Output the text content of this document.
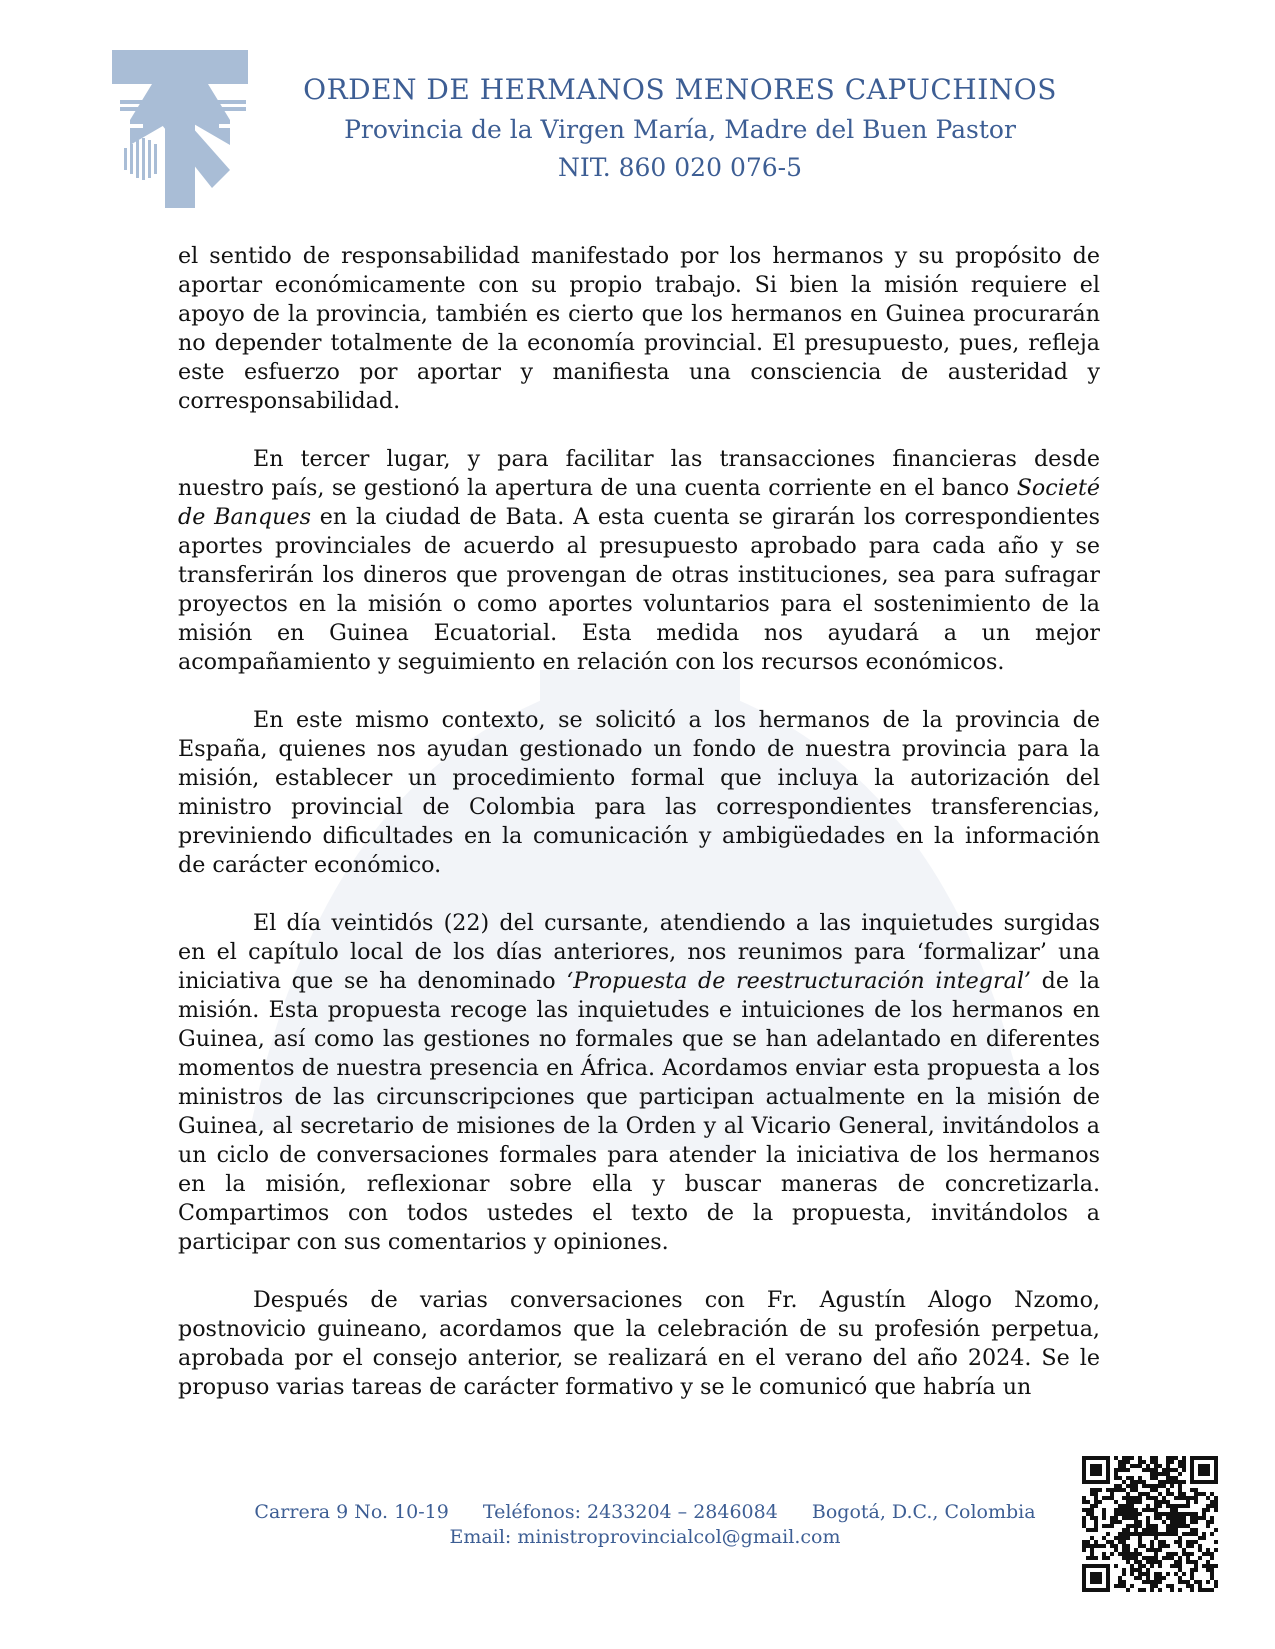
ORDEN DE HERMANOS MENORES CAPUCHINOS
Provincia de la Virgen María, Madre del Buen Pastor
NIT. 860 020 076-5

el sentido de responsabilidad manifestado por los hermanos y su propósito de aportar económicamente con su propio trabajo. Si bien la misión requiere el apoyo de la provincia, también es cierto que los hermanos en Guinea procurarán no depender totalmente de la economía provincial. El presupuesto, pues, refleja este esfuerzo por aportar y manifiesta una consciencia de austeridad y corresponsabilidad.

En tercer lugar, y para facilitar las transacciones financieras desde nuestro país, se gestionó la apertura de una cuenta corriente en el banco Societé de Banques en la ciudad de Bata. A esta cuenta se girarán los correspondientes aportes provinciales de acuerdo al presupuesto aprobado para cada año y se transferirán los dineros que provengan de otras instituciones, sea para sufragar proyectos en la misión o como aportes voluntarios para el sostenimiento de la misión en Guinea Ecuatorial. Esta medida nos ayudará a un mejor acompañamiento y seguimiento en relación con los recursos económicos.

En este mismo contexto, se solicitó a los hermanos de la provincia de España, quienes nos ayudan gestionado un fondo de nuestra provincia para la misión, establecer un procedimiento formal que incluya la autorización del ministro provincial de Colombia para las correspondientes transferencias, previniendo dificultades en la comunicación y ambigüedades en la información de carácter económico.

El día veintidós (22) del cursante, atendiendo a las inquietudes surgidas en el capítulo local de los días anteriores, nos reunimos para ‘formalizar’ una iniciativa que se ha denominado ‘Propuesta de reestructuración integral’ de la misión. Esta propuesta recoge las inquietudes e intuiciones de los hermanos en Guinea, así como las gestiones no formales que se han adelantado en diferentes momentos de nuestra presencia en África. Acordamos enviar esta propuesta a los ministros de las circunscripciones que participan actualmente en la misión de Guinea, al secretario de misiones de la Orden y al Vicario General, invitándolos a un ciclo de conversaciones formales para atender la iniciativa de los hermanos en la misión, reflexionar sobre ella y buscar maneras de concretizarla. Compartimos con todos ustedes el texto de la propuesta, invitándolos a participar con sus comentarios y opiniones.

Después de varias conversaciones con Fr. Agustín Alogo Nzomo, postnovicio guineano, acordamos que la celebración de su profesión perpetua, aprobada por el consejo anterior, se realizará en el verano del año 2024. Se le propuso varias tareas de carácter formativo y se le comunicó que habría un

Carrera 9 No. 10-19 Teléfonos: 2433204 – 2846084 Bogotá, D.C., Colombia
Email: ministroprovincialcol@gmail.com
